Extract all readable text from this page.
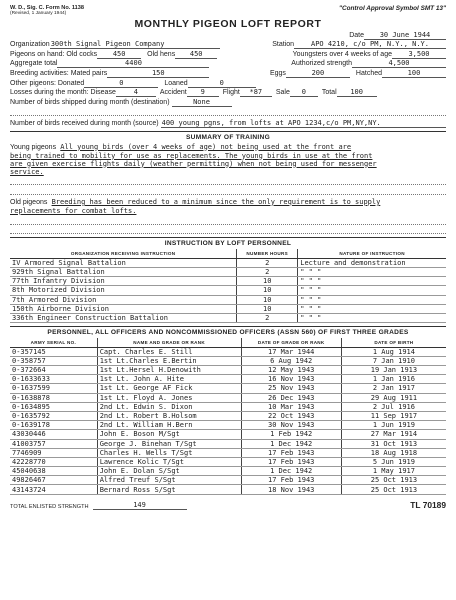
W. D., Sig. C. Form No. 1138
(Revised, 1 January 1944)
"Control Approval Symbol SMT 13"
MONTHLY PIGEON LOFT REPORT
Date	30 June 1944
Organization 300th Signal Pigeon Company	Station	APO 4210, c/o PM, N.Y., N.Y.
Pigeons on hand: Old cocks	450	Old hens	450	Youngsters over 4 weeks of age	3,500
Aggregate total	4400	Authorized strength	4,500
Breeding activities: Mated pairs	150	Eggs	200	Hatched	100
Other pigeons: Donated	0	Loaned	0
Losses during the month: Disease	4	Accident	9	Flight	*87	Sale	0	Total	100
Number of birds shipped during month (destination)	None
Number of birds received during month (source) 400 young pgns, from lofts at APO 1234,c/o PM,NY,NY.
SUMMARY OF TRAINING
Young pigeons All young birds (over 4 weeks of age) not being used at the front are
being trained to mobility for use as replacements. The young birds in use at the front
are given exercise flights daily (weather permitting) when not being used for messenger
service.
Old pigeons Breeding has been reduced to a minimum since the only requirement is to supply
replacements for combat lofts.
INSTRUCTION BY LOFT PERSONNEL
ORGANIZATION RECEIVING INSTRUCTION	NUMBER HOURS	NATURE OF INSTRUCTION
IV Armored Signal Battalion	2	Lecture and demonstration
929th Signal Battalion	2	" " "
77th Infantry Division	10	" " "
8th Motorized Division	10	" " "
7th Armored Division	10	" " "
150th Airborne Division	10	" " "
336th Engineer Construction Battalion	2	" " "
PERSONNEL, ALL OFFICERS AND NONCOMMISSIONED OFFICERS (ASSN 560) OF FIRST THREE GRADES
ARMY SERIAL NO.	NAME AND GRADE OR RANK	DATE OF GRADE OR RANK	DATE OF BIRTH
0-357145	Capt. Charles E. Still	17 Mar 1944	1 Aug 1914
0-358757	1st Lt.Charles E.Bertin	6 Aug 1942	7 Jan 1910
0-372664	1st Lt.Hersel H.Denowith	12 May 1943	19 Jan 1913
0-1633633	1st Lt. John A. Hite	16 Nov 1943	1 Jan 1916
0-1637599	1st Lt. George AF Fick	25 Nov 1943	2 Jan 1917
0-1638878	1st Lt. Floyd A. Jones	26 Dec 1943	29 Aug 1911
0-1634895	2nd Lt. Edwin S. Dixon	10 Mar 1943	2 Jul 1916
0-1635792	2nd Lt. Robert B.Holsom	22 Oct 1943	11 Sep 1917
0-1639178	2nd Lt. William H.Bern	30 Nov 1943	1 Jun 1919
43030446	John E. Boson M/Sgt	1 Feb 1942	27 Mar 1914
41003757	George J. Binehan T/Sgt	1 Dec 1942	31 Oct 1913
7746909	Charles H. Wells T/Sgt	17 Feb 1943	18 Aug 1918
42228770	Lawrence Kolic T/Sgt	17 Feb 1943	5 Jun 1919
45040638	John E. Dolan S/Sgt	1 Dec 1942	1 May 1917
49826467	Alfred Treuf S/Sgt	17 Feb 1943	25 Oct 1913
43143724	Bernard Ross S/Sgt	18 Nov 1943	25 Oct 1913
TOTAL ENLISTED STRENGTH	149	TL 70189
